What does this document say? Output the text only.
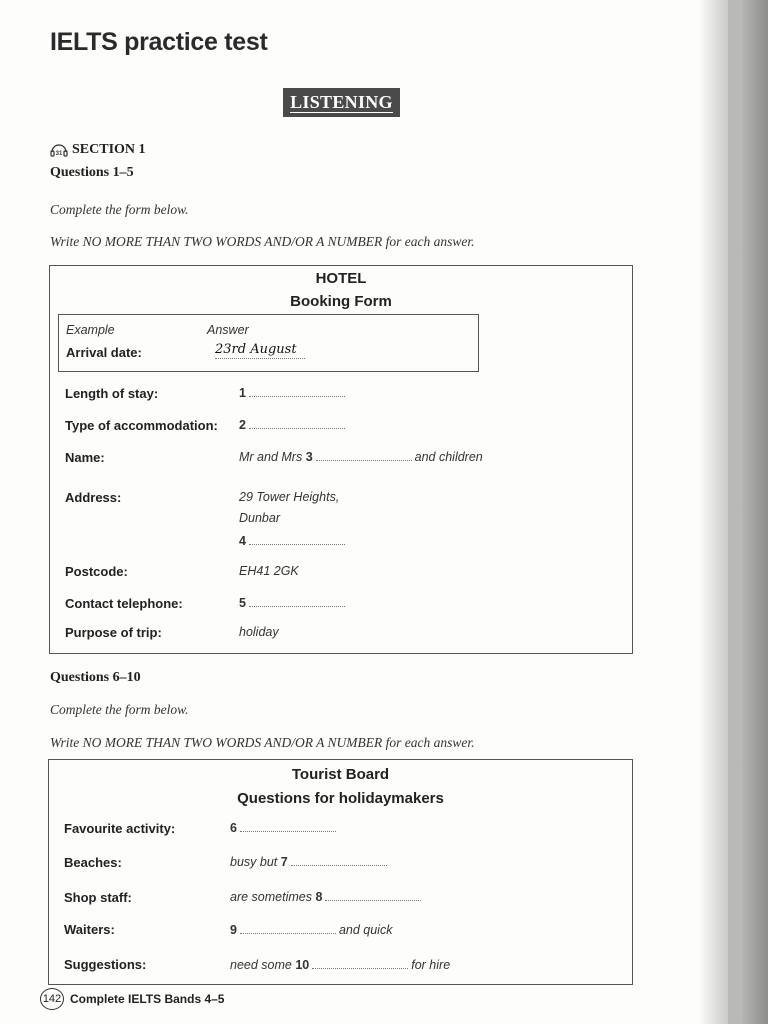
IELTS practice test
LISTENING
31 SECTION 1
Questions 1–5
Complete the form below.
Write NO MORE THAN TWO WORDS AND/OR A NUMBER for each answer.
HOTEL
Booking Form
Example	Answer
Arrival date:	23rd August
Length of stay:	1
Type of accommodation: 2
Name:	Mr and Mrs 3	and children
Address:	29 Tower Heights,
Dunbar
4
Postcode:	EH41 2GK
Contact telephone:	5
Purpose of trip:	holiday
Questions 6–10
Complete the form below.
Write NO MORE THAN TWO WORDS AND/OR A NUMBER for each answer.
Tourist Board
Questions for holidaymakers
Favourite activity:	6
Beaches:	busy but 7
Shop staff:	are sometimes 8
Waiters:	9	and quick
Suggestions:	need some 10	for hire
142 Complete IELTS Bands 4–5
